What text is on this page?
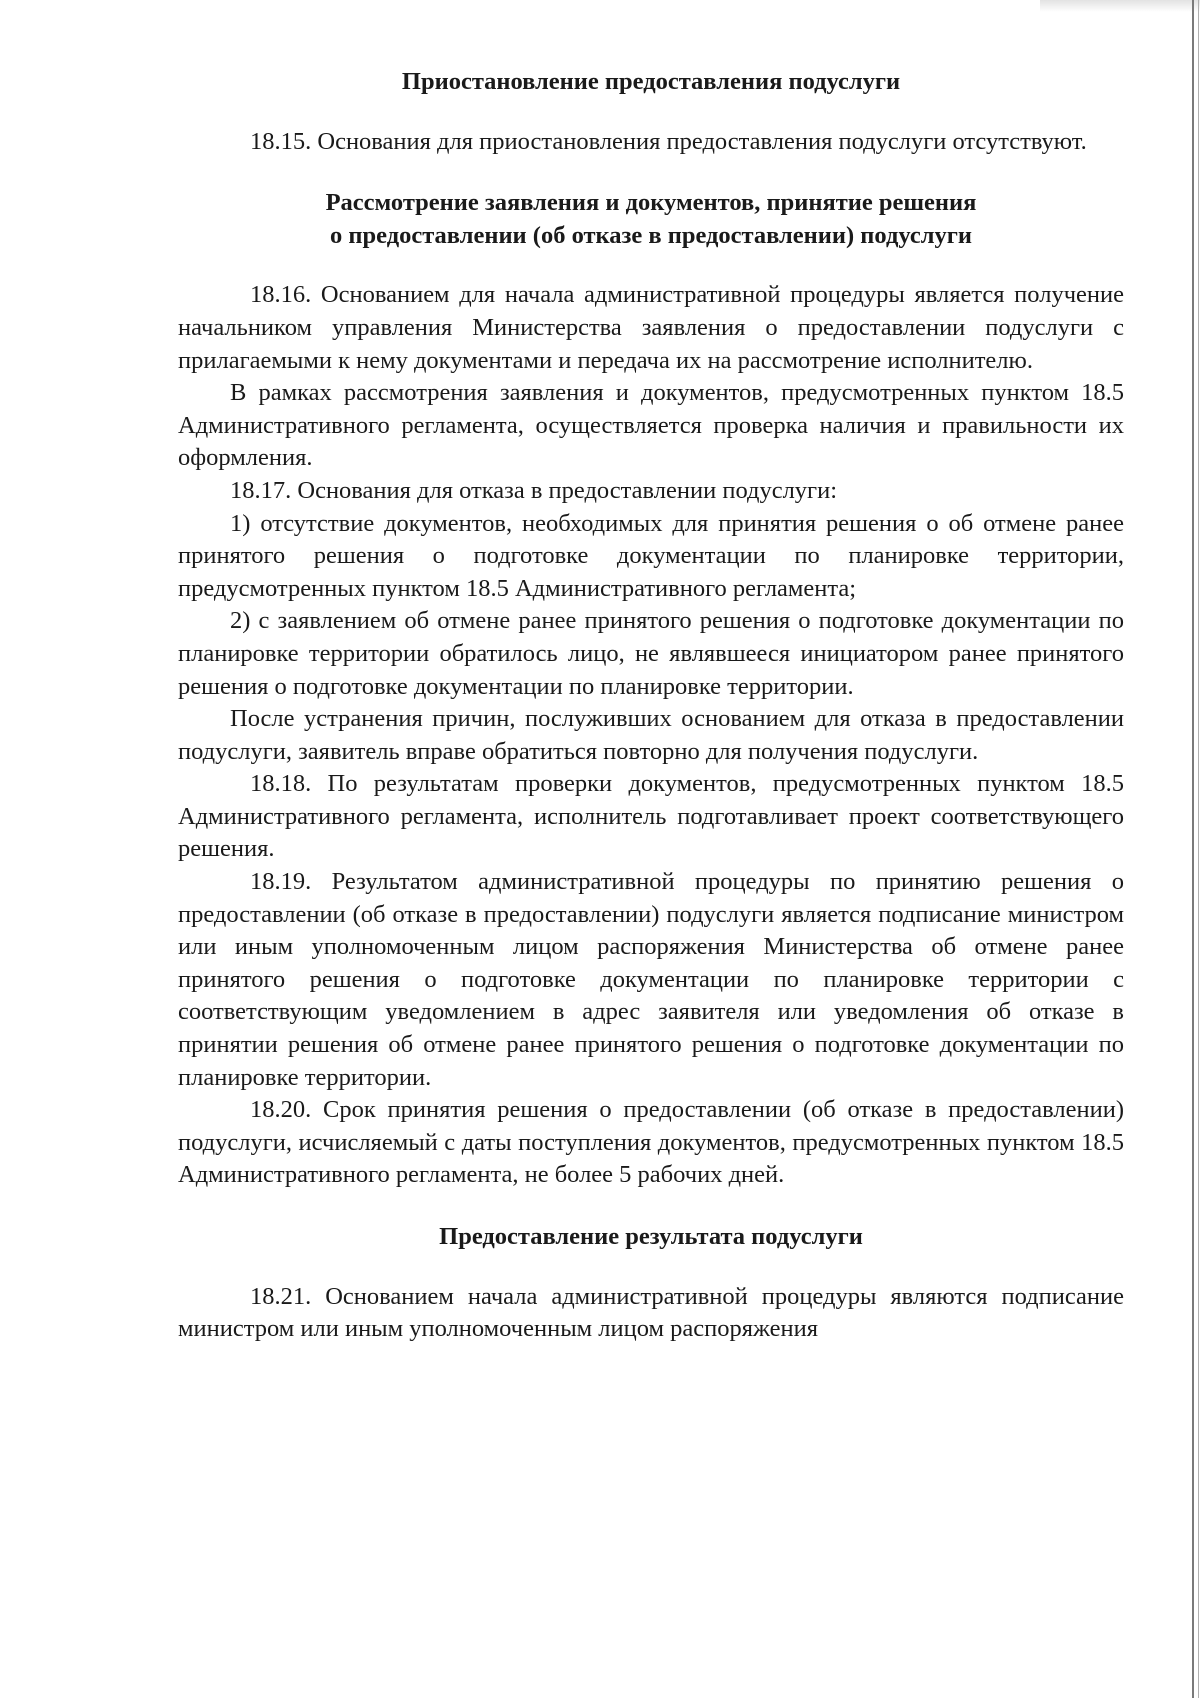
Приостановление предоставления подуслуги

18.15. Основания для приостановления предоставления подуслуги отсутствуют.

Рассмотрение заявления и документов, принятие решения
о предоставлении (об отказе в предоставлении) подуслуги

18.16. Основанием для начала административной процедуры является получение начальником управления Министерства заявления о предоставлении подуслуги с прилагаемыми к нему документами и передача их на рассмотрение исполнителю.

В рамках рассмотрения заявления и документов, предусмотренных пунктом 18.5 Административного регламента, осуществляется проверка наличия и правильности их оформления.

18.17. Основания для отказа в предоставлении подуслуги:

1) отсутствие документов, необходимых для принятия решения о об отмене ранее принятого решения о подготовке документации по планировке территории, предусмотренных пунктом 18.5 Административного регламента;

2) с заявлением об отмене ранее принятого решения о подготовке документации по планировке территории обратилось лицо, не являвшееся инициатором ранее принятого решения о подготовке документации по планировке территории.

После устранения причин, послуживших основанием для отказа в предоставлении подуслуги, заявитель вправе обратиться повторно для получения подуслуги.

18.18. По результатам проверки документов, предусмотренных пунктом 18.5 Административного регламента, исполнитель подготавливает проект соответствующего решения.

18.19. Результатом административной процедуры по принятию решения о предоставлении (об отказе в предоставлении) подуслуги является подписание министром или иным уполномоченным лицом распоряжения Министерства об отмене ранее принятого решения о подготовке документации по планировке территории с соответствующим уведомлением в адрес заявителя или уведомления об отказе в принятии решения об отмене ранее принятого решения о подготовке документации по планировке территории.

18.20. Срок принятия решения о предоставлении (об отказе в предоставлении) подуслуги, исчисляемый с даты поступления документов, предусмотренных пунктом 18.5 Административного регламента, не более 5 рабочих дней.

Предоставление результата подуслуги

18.21. Основанием начала административной процедуры являются подписание министром или иным уполномоченным лицом распоряжения
